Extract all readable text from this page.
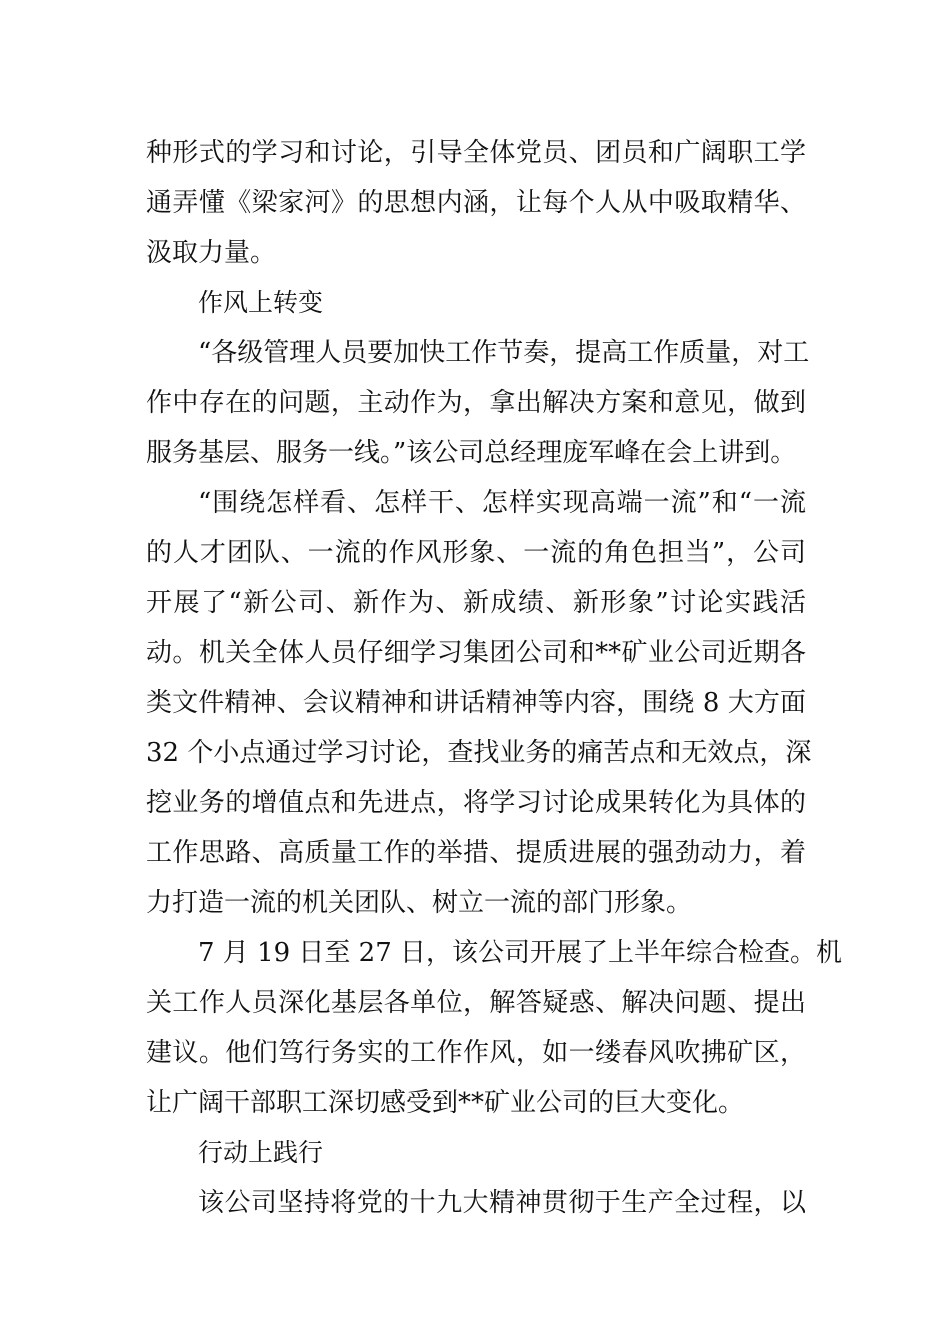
种形式的学习和讨论，引导全体党员、团员和广阔职工学
通弄懂《梁家河》的思想内涵，让每个人从中吸取精华、
汲取力量。
作风上转变
“各级管理人员要加快工作节奏，提高工作质量，对工
作中存在的问题，主动作为，拿出解决方案和意见，做到
服务基层、服务一线。”该公司总经理庞军峰在会上讲到。
“围绕怎样看、怎样干、怎样实现高端一流”和“一流
的人才团队、一流的作风形象、一流的角色担当”，公司
开展了“新公司、新作为、新成绩、新形象”讨论实践活
动。机关全体人员仔细学习集团公司和**矿业公司近期各
类文件精神、会议精神和讲话精神等内容，围绕 8 大方面
32 个小点通过学习讨论，查找业务的痛苦点和无效点，深
挖业务的增值点和先进点，将学习讨论成果转化为具体的
工作思路、高质量工作的举措、提质进展的强劲动力，着
力打造一流的机关团队、树立一流的部门形象。
7 月 19 日至 27 日，该公司开展了上半年综合检查。机
关工作人员深化基层各单位，解答疑惑、解决问题、提出
建议。他们笃行务实的工作作风，如一缕春风吹拂矿区，
让广阔干部职工深切感受到**矿业公司的巨大变化。
行动上践行
该公司坚持将党的十九大精神贯彻于生产全过程，以
